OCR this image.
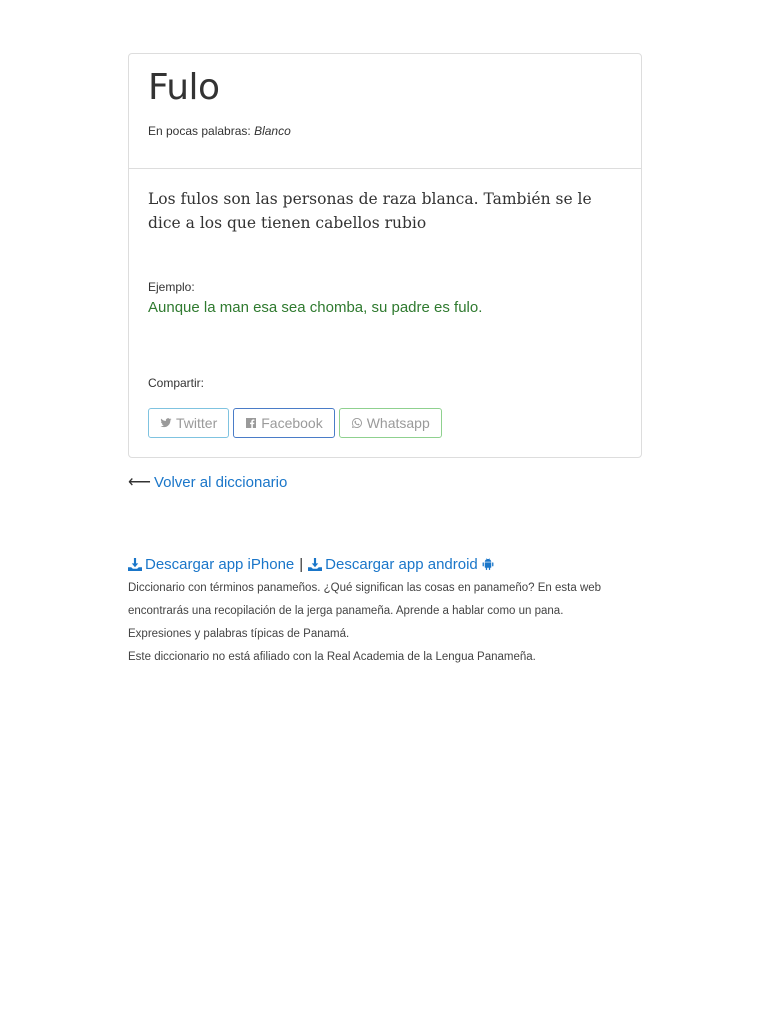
Fulo
En pocas palabras: Blanco

Los fulos son las personas de raza blanca. También se le dice a los que tienen cabellos rubio

Ejemplo:
Aunque la man esa sea chomba, su padre es fulo.
Compartir:
Twitter	Facebook	Whatsapp
⟵ Volver al diccionario
Descargar app iPhone | Descargar app android

Diccionario con términos panameños. ¿Qué significan las cosas en panameño? En esta web encontrarás una recopilación de la jerga panameña. Aprende a hablar como un pana.

Expresiones y palabras típicas de Panamá.

Este diccionario no está afiliado con la Real Academia de la Lengua Panameña.
